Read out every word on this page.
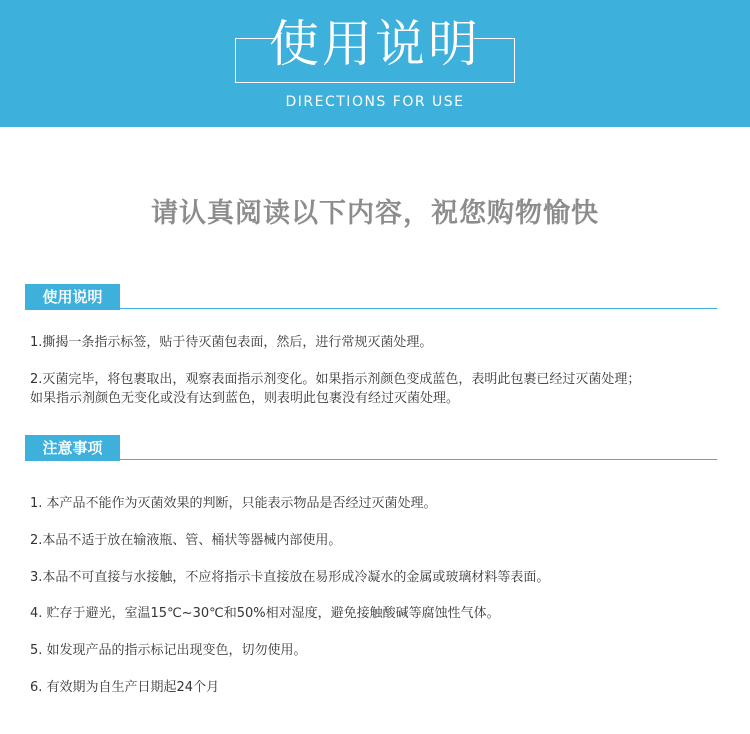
使用说明
DIRECTIONS FOR USE
请认真阅读以下内容，祝您购物愉快
使用说明
1.撕揭一条指示标签，贴于待灭菌包表面，然后，进行常规灭菌处理。
2.灭菌完毕，将包裹取出，观察表面指示剂变化。如果指示剂颜色变成蓝色，表明此包裹已经过灭菌处理；
如果指示剂颜色无变化或没有达到蓝色，则表明此包裹没有经过灭菌处理。
注意事项
1. 本产品不能作为灭菌效果的判断，只能表示物品是否经过灭菌处理。
2.本品不适于放在输液瓶、管、桶状等器械内部使用。
3.本品不可直接与水接触，不应将指示卡直接放在易形成冷凝水的金属或玻璃材料等表面。
4. 贮存于避光，室温15℃~30℃和50%相对湿度，避免接触酸碱等腐蚀性气体。
5. 如发现产品的指示标记出现变色，切勿使用。
6. 有效期为自生产日期起24个月
